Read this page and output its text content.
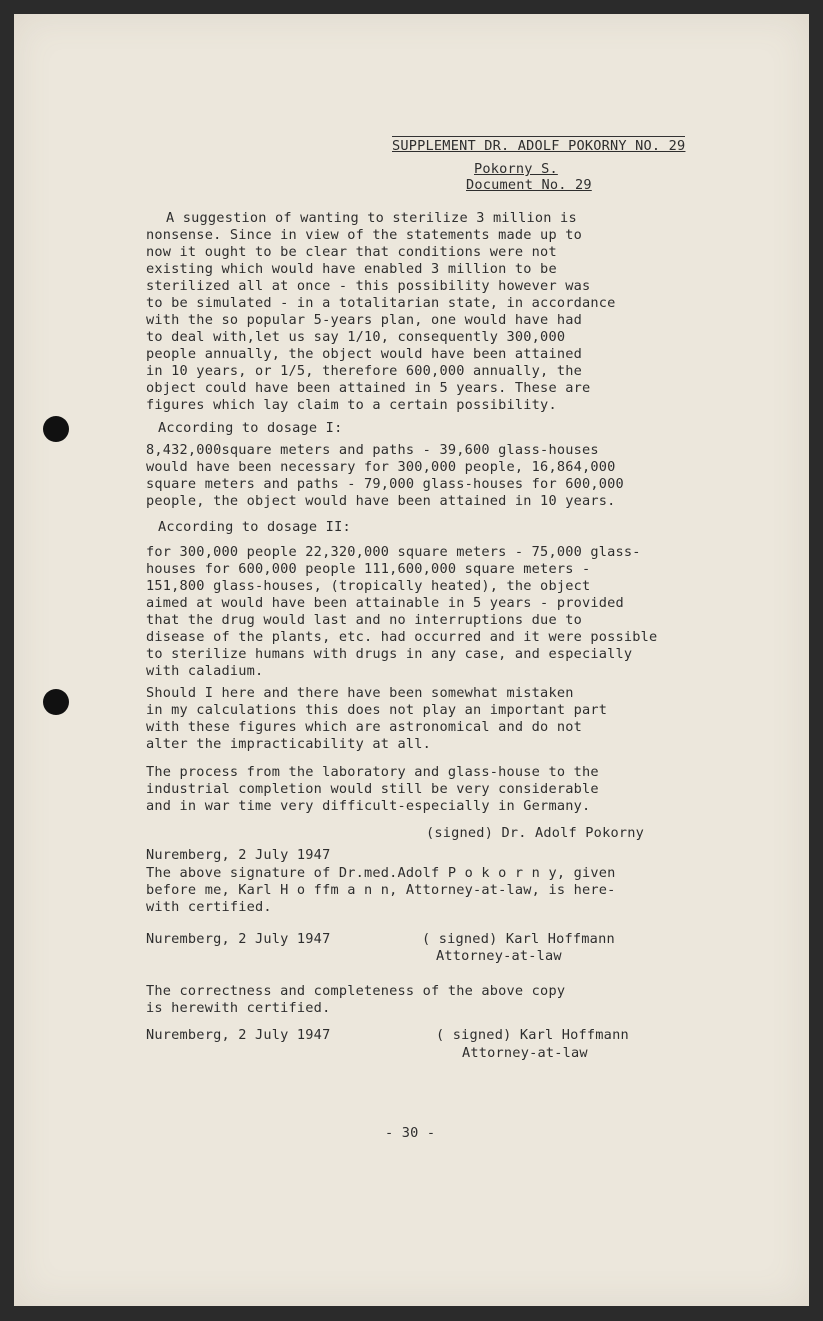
SUPPLEMENT DR. ADOLF POKORNY NO. 29
Pokorny S.
Document No. 29
A suggestion of wanting to sterilize 3 million is
nonsense. Since in view of the statements made up to
now it ought to be clear that conditions were not
existing which would have enabled 3 million to be
sterilized all at once - this possibility however was
to be simulated - in a totalitarian state, in accordance
with the so popular 5-years plan, one would have had
to deal with,let us say 1/10, consequently 300,000
people annually, the object would have been attained
in 10 years, or 1/5, therefore 600,000 annually, the
object could have been attained in 5 years. These are
figures which lay claim to a certain possibility.
According to dosage I:
8,432,000square meters and paths - 39,600 glass-houses
would have been necessary for 300,000 people, 16,864,000
square meters and paths - 79,000 glass-houses for 600,000
people, the object would have been attained in 10 years.
According to dosage II:
for 300,000 people 22,320,000 square meters - 75,000 glass-
houses for 600,000 people 111,600,000 square meters -
151,800 glass-houses, (tropically heated), the object
aimed at would have been attainable in 5 years - provided
that the drug would last and no interruptions due to
disease of the plants, etc. had occurred and it were possible
to sterilize humans with drugs in any case, and especially
with caladium.
Should I here and there have been somewhat mistaken
in my calculations this does not play an important part
with these figures which are astronomical and do not
alter the impracticability at all.
The process from the laboratory and glass-house to the
industrial completion would still be very considerable
and in war time very difficult-especially in Germany.
(signed) Dr. Adolf Pokorny
Nuremberg, 2 July 1947
The above signature of Dr.med.Adolf P o k o r n y, given
before me, Karl H o ffm a n n, Attorney-at-law, is here-
with certified.
Nuremberg, 2 July 1947	( signed) Karl Hoffmann
Attorney-at-law
The correctness and completeness of the above copy
is herewith certified.
Nuremberg, 2 July 1947	( signed) Karl Hoffmann
Attorney-at-law
- 30 -
